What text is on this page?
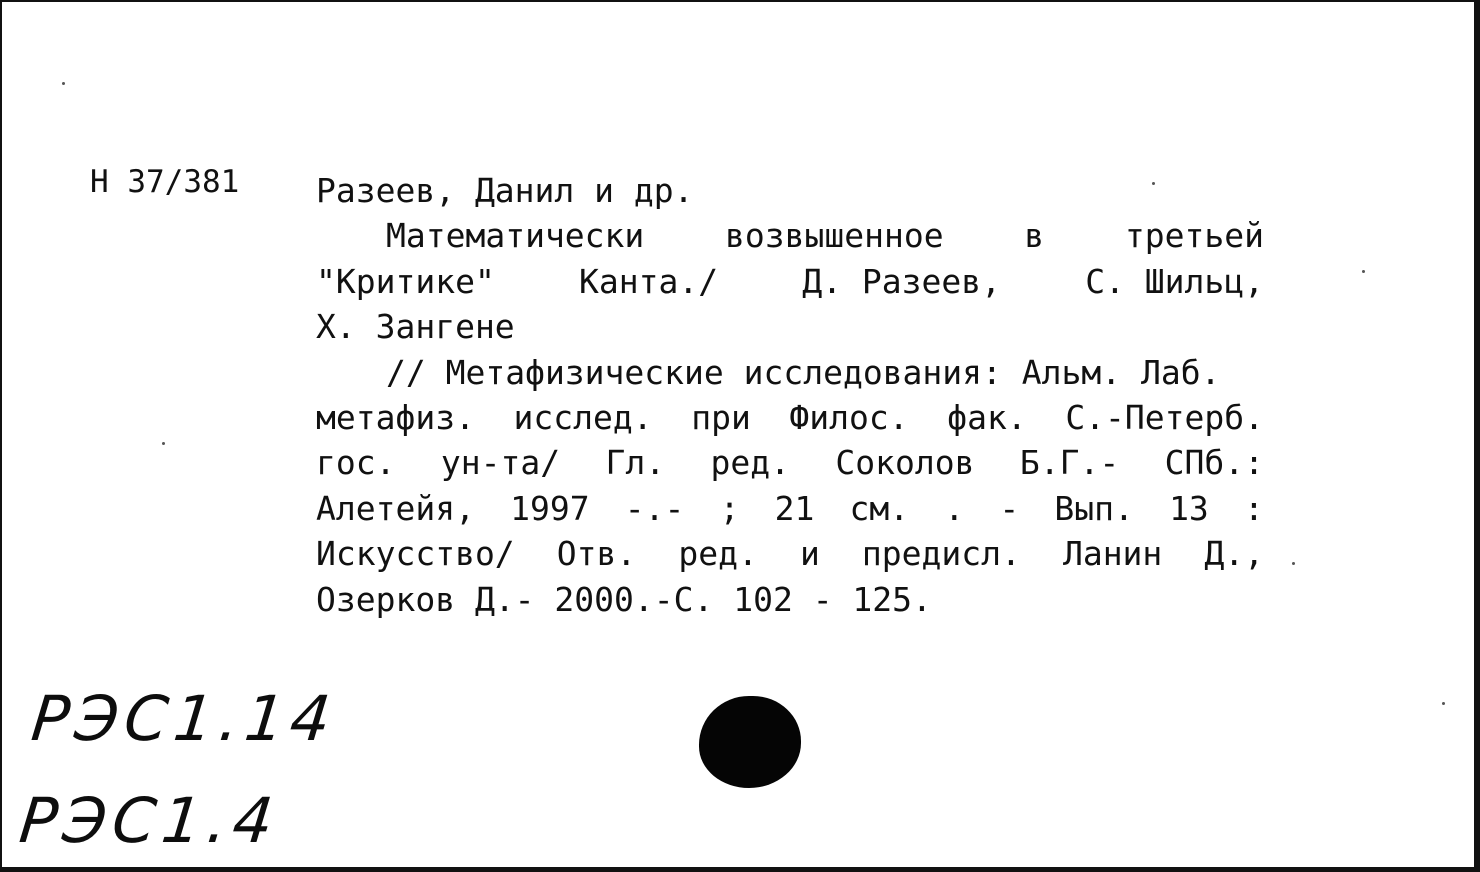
H 37/381 Разеев, Данил и др.
Математически возвышенное в третьей
"Критике"	Канта./	Д. Разеев,	С. Шильц,
Х. Зангене
// Метафизические исследования: Альм. Лаб.
метафиз. исслед. при Филос. фак. С.-Петерб.
гос. ун-та/ Гл. ред. Соколов Б.Г.- СПб.:
Алетейя, 1997 -.- ; 21 см. . - Вып. 13 :
Искусство/ Отв. ред. и предисл. Ланин Д.,
Озерков Д.- 2000.-С. 102 - 125.
РЭС1.14
РЭС1.4
